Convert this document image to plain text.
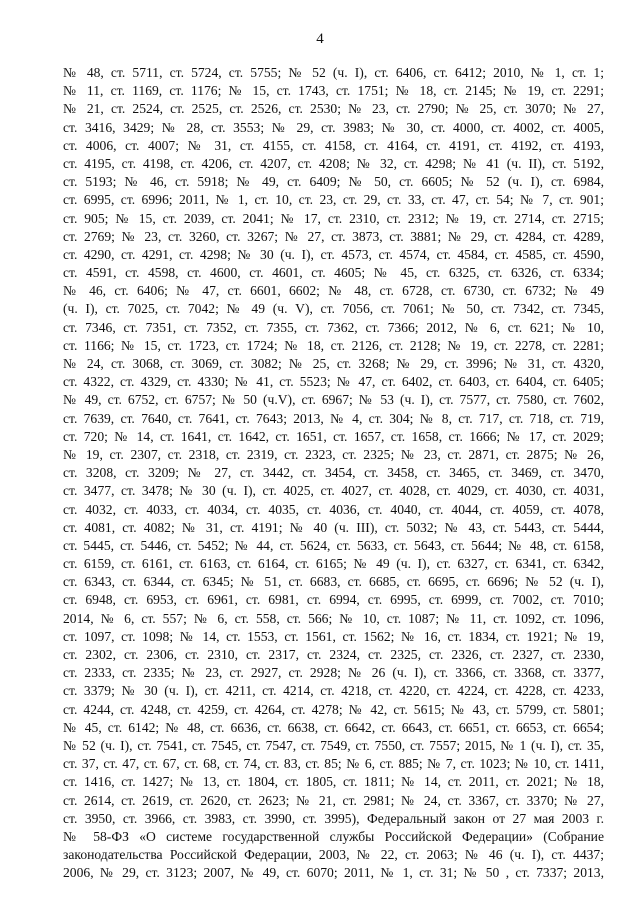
4
№ 48, ст. 5711, ст. 5724, ст. 5755; № 52 (ч. I), ст. 6406, ст. 6412; 2010, № 1, ст. 1;
№ 11, ст. 1169, ст. 1176; № 15, ст. 1743, ст. 1751; № 18, ст. 2145; № 19, ст. 2291;
№ 21, ст. 2524, ст. 2525, ст. 2526, ст. 2530; № 23, ст. 2790; № 25, ст. 3070; № 27,
ст. 3416, 3429; № 28, ст. 3553; № 29, ст. 3983; № 30, ст. 4000, ст. 4002, ст. 4005,
ст. 4006, ст. 4007; № 31, ст. 4155, ст. 4158, ст. 4164, ст. 4191, ст. 4192, ст. 4193,
ст. 4195, ст. 4198, ст. 4206, ст. 4207, ст. 4208; № 32, ст. 4298; № 41 (ч. II), ст. 5192,
ст. 5193; № 46, ст. 5918; № 49, ст. 6409; № 50, ст. 6605; № 52 (ч. I), ст. 6984,
ст. 6995, ст. 6996; 2011, № 1, ст. 10, ст. 23, ст. 29, ст. 33, ст. 47, ст. 54; № 7, ст. 901;
ст. 905; № 15, ст. 2039, ст. 2041; № 17, ст. 2310, ст. 2312; № 19, ст. 2714, ст. 2715;
ст. 2769; № 23, ст. 3260, ст. 3267; № 27, ст. 3873, ст. 3881; № 29, ст. 4284, ст. 4289,
ст. 4290, ст. 4291, ст. 4298; № 30 (ч. I), ст. 4573, ст. 4574, ст. 4584, ст. 4585, ст. 4590,
ст. 4591, ст. 4598, ст. 4600, ст. 4601, ст. 4605; № 45, ст. 6325, ст. 6326, ст. 6334;
№ 46, ст. 6406; № 47, ст. 6601, 6602; № 48, ст. 6728, ст. 6730, ст. 6732; № 49
(ч. I), ст. 7025, ст. 7042; № 49 (ч. V), ст. 7056, ст. 7061; № 50, ст. 7342, ст. 7345,
ст. 7346, ст. 7351, ст. 7352, ст. 7355, ст. 7362, ст. 7366; 2012, № 6, ст. 621; № 10,
ст. 1166; № 15, ст. 1723, ст. 1724; № 18, ст. 2126, ст. 2128; № 19, ст. 2278, ст. 2281;
№ 24, ст. 3068, ст. 3069, ст. 3082; № 25, ст. 3268; № 29, ст. 3996; № 31, ст. 4320,
ст. 4322, ст. 4329, ст. 4330; № 41, ст. 5523; № 47, ст. 6402, ст. 6403, ст. 6404, ст. 6405;
№ 49, ст. 6752, ст. 6757; № 50 (ч.V), ст. 6967; № 53 (ч. I), ст. 7577, ст. 7580, ст. 7602,
ст. 7639, ст. 7640, ст. 7641, ст. 7643; 2013, № 4, ст. 304; № 8, ст. 717, ст. 718, ст. 719,
ст. 720; № 14, ст. 1641, ст. 1642, ст. 1651, ст. 1657, ст. 1658, ст. 1666; № 17, ст. 2029;
№ 19, ст. 2307, ст. 2318, ст. 2319, ст. 2323, ст. 2325; № 23, ст. 2871, ст. 2875; № 26,
ст. 3208, ст. 3209; № 27, ст. 3442, ст. 3454, ст. 3458, ст. 3465, ст. 3469, ст. 3470,
ст. 3477, ст. 3478; № 30 (ч. I), ст. 4025, ст. 4027, ст. 4028, ст. 4029, ст. 4030, ст. 4031,
ст. 4032, ст. 4033, ст. 4034, ст. 4035, ст. 4036, ст. 4040, ст. 4044, ст. 4059, ст. 4078,
ст. 4081, ст. 4082; № 31, ст. 4191; № 40 (ч. III), ст. 5032; № 43, ст. 5443, ст. 5444,
ст. 5445, ст. 5446, ст. 5452; № 44, ст. 5624, ст. 5633, ст. 5643, ст. 5644; № 48, ст. 6158,
ст. 6159, ст. 6161, ст. 6163, ст. 6164, ст. 6165; № 49 (ч. I), ст. 6327, ст. 6341, ст. 6342,
ст. 6343, ст. 6344, ст. 6345; № 51, ст. 6683, ст. 6685, ст. 6695, ст. 6696; № 52 (ч. I),
ст. 6948, ст. 6953, ст. 6961, ст. 6981, ст. 6994, ст. 6995, ст. 6999, ст. 7002, ст. 7010;
2014, № 6, ст. 557; № 6, ст. 558, ст. 566; № 10, ст. 1087; № 11, ст. 1092, ст. 1096,
ст. 1097, ст. 1098; № 14, ст. 1553, ст. 1561, ст. 1562; № 16, ст. 1834, ст. 1921; № 19,
ст. 2302, ст. 2306, ст. 2310, ст. 2317, ст. 2324, ст. 2325, ст. 2326, ст. 2327, ст. 2330,
ст. 2333, ст. 2335; № 23, ст. 2927, ст. 2928; № 26 (ч. I), ст. 3366, ст. 3368, ст. 3377,
ст. 3379; № 30 (ч. I), ст. 4211, ст. 4214, ст. 4218, ст. 4220, ст. 4224, ст. 4228, ст. 4233,
ст. 4244, ст. 4248, ст. 4259, ст. 4264, ст. 4278; № 42, ст. 5615; № 43, ст. 5799, ст. 5801;
№ 45, ст. 6142; № 48, ст. 6636, ст. 6638, ст. 6642, ст. 6643, ст. 6651, ст. 6653, ст. 6654;
№ 52 (ч. I), ст. 7541, ст. 7545, ст. 7547, ст. 7549, ст. 7550, ст. 7557; 2015, № 1 (ч. I), ст. 35,
ст. 37, ст. 47, ст. 67, ст. 68, ст. 74, ст. 83, ст. 85; № 6, ст. 885; № 7, ст. 1023; № 10, ст. 1411,
ст. 1416, ст. 1427; № 13, ст. 1804, ст. 1805, ст. 1811; № 14, ст. 2011, ст. 2021; № 18,
ст. 2614, ст. 2619, ст. 2620, ст. 2623; № 21, ст. 2981; № 24, ст. 3367, ст. 3370; № 27,
ст. 3950, ст. 3966, ст. 3983, ст. 3990, ст. 3995), Федеральный закон от 27 мая 2003 г.
№ 58-ФЗ «О системе государственной службы Российской Федерации» (Собрание
законодательства Российской Федерации, 2003, № 22, ст. 2063; № 46 (ч. I), ст. 4437;
2006, № 29, ст. 3123; 2007, № 49, ст. 6070; 2011, № 1, ст. 31; № 50 , ст. 7337; 2013,
